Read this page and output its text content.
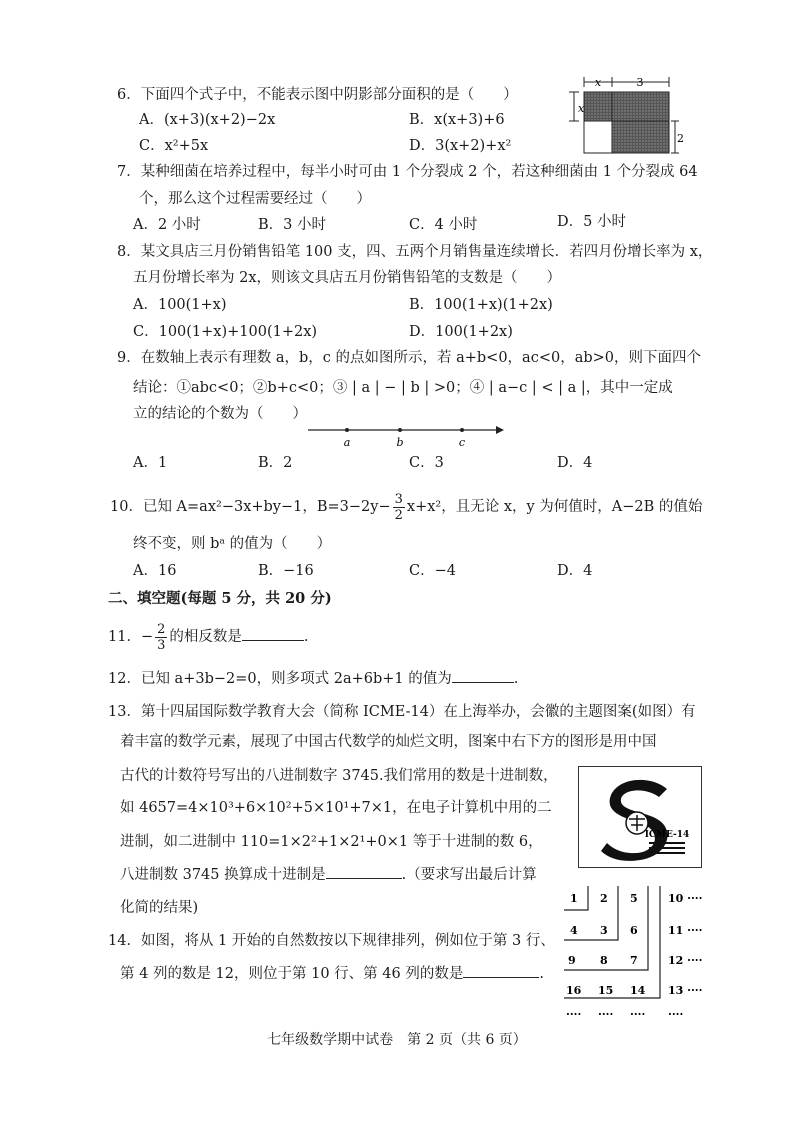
6．下面四个式子中，不能表示图中阴影部分面积的是（　　）
A．(x+3)(x+2)−2x	B．x(x+3)+6
C．x²+5x	D．3(x+2)+x²
x	3
x
2
7．某种细菌在培养过程中，每半小时可由 1 个分裂成 2 个，若这种细菌由 1 个分裂成 64
个，那么这个过程需要经过（　　）
A．2 小时	B．3 小时	C．4 小时	D．5 小时
8．某文具店三月份销售铅笔 100 支，四、五两个月销售量连续增长．若四月份增长率为 x，
五月份增长率为 2x，则该文具店五月份销售铅笔的支数是（　　）
A．100(1+x)	B．100(1+x)(1+2x)
C．100(1+x)+100(1+2x)	D．100(1+2x)
9．在数轴上表示有理数 a，b，c 的点如图所示，若 a+b<0，ac<0，ab>0，则下面四个
结论：①abc<0；②b+c<0；③ | a | − | b | >0；④ | a−c | < | a |，其中一定成
立的结论的个数为（　　）
a	b	c
A．1	B．2	C．3	D．4
10．已知 A=ax²−3x+by−1，$B=3-2y- \frac{3}{2} x+x^2$，且无论 x，y 为何值时，A−2B 的值始
终不变，则 bᵃ 的值为（　　）
A．16	B．−16	C．−4	D．4
二、填空题(每题 5 分，共 20 分)
11．− $\frac{2}{3}$ 的相反数是	.
12．已知 a+3b−2=0，则多项式 2a+6b+1 的值为	.
13．第十四届国际数学教育大会（简称 ICME-14）在上海举办，会徽的主题图案(如图）有
着丰富的数学元素，展现了中国古代数学的灿烂文明，图案中右下方的图形是用中国
古代的计数符号写出的八进制数字 3745.我们常用的数是十进制数，
如 4657=4×10³+6×10²+5×10¹+7×1，在电子计算机中用的二
进制，如二进制中 110=1×2²+1×2¹+0×1 等于十进制的数 6，
八进制数 3745 换算成十进制是	.（要求写出最后计算
化简的结果)
ICME-14
14．如图，将从 1 开始的自然数按以下规律排列，例如位于第 3 行、
第 4 列的数是 12，则位于第 10 行、第 46 列的数是	.
1 2 5	10 ····
4 3 6	11 ····
9 8 7	12 ····
16 15 14 13 ····
···· ···· ···· ····
七年级数学期中试卷　第 2 页（共 6 页）
